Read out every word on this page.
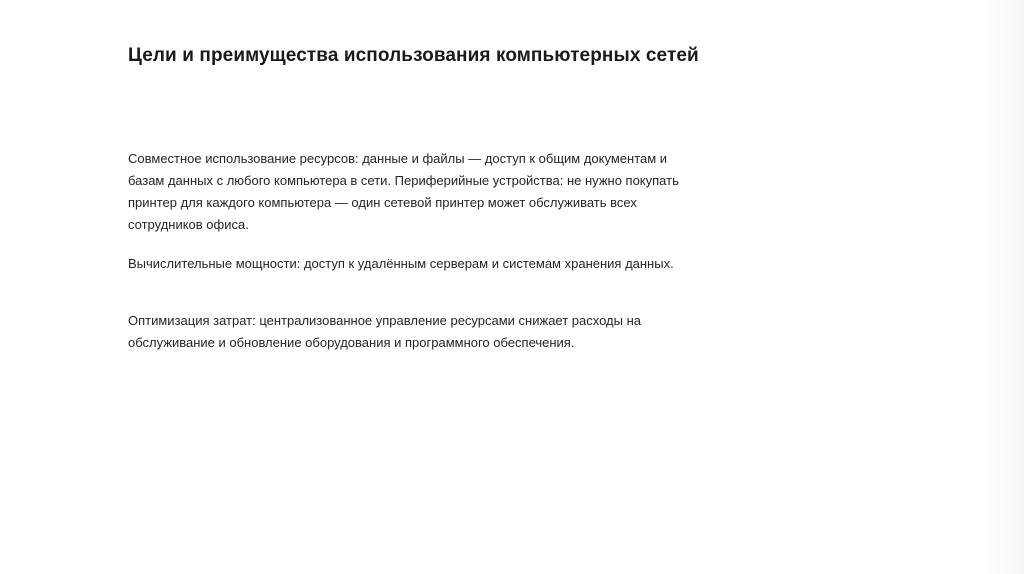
Цели и преимущества использования компьютерных сетей

Совместное использование ресурсов: данные и файлы — доступ к общим документам и базам данных с любого компьютера в сети. Периферийные устройства: не нужно покупать принтер для каждого компьютера — один сетевой принтер может обслуживать всех сотрудников офиса.

Вычислительные мощности: доступ к удалённым серверам и системам хранения данных.

Оптимизация затрат: централизованное управление ресурсами снижает расходы на обслуживание и обновление оборудования и программного обеспечения.
